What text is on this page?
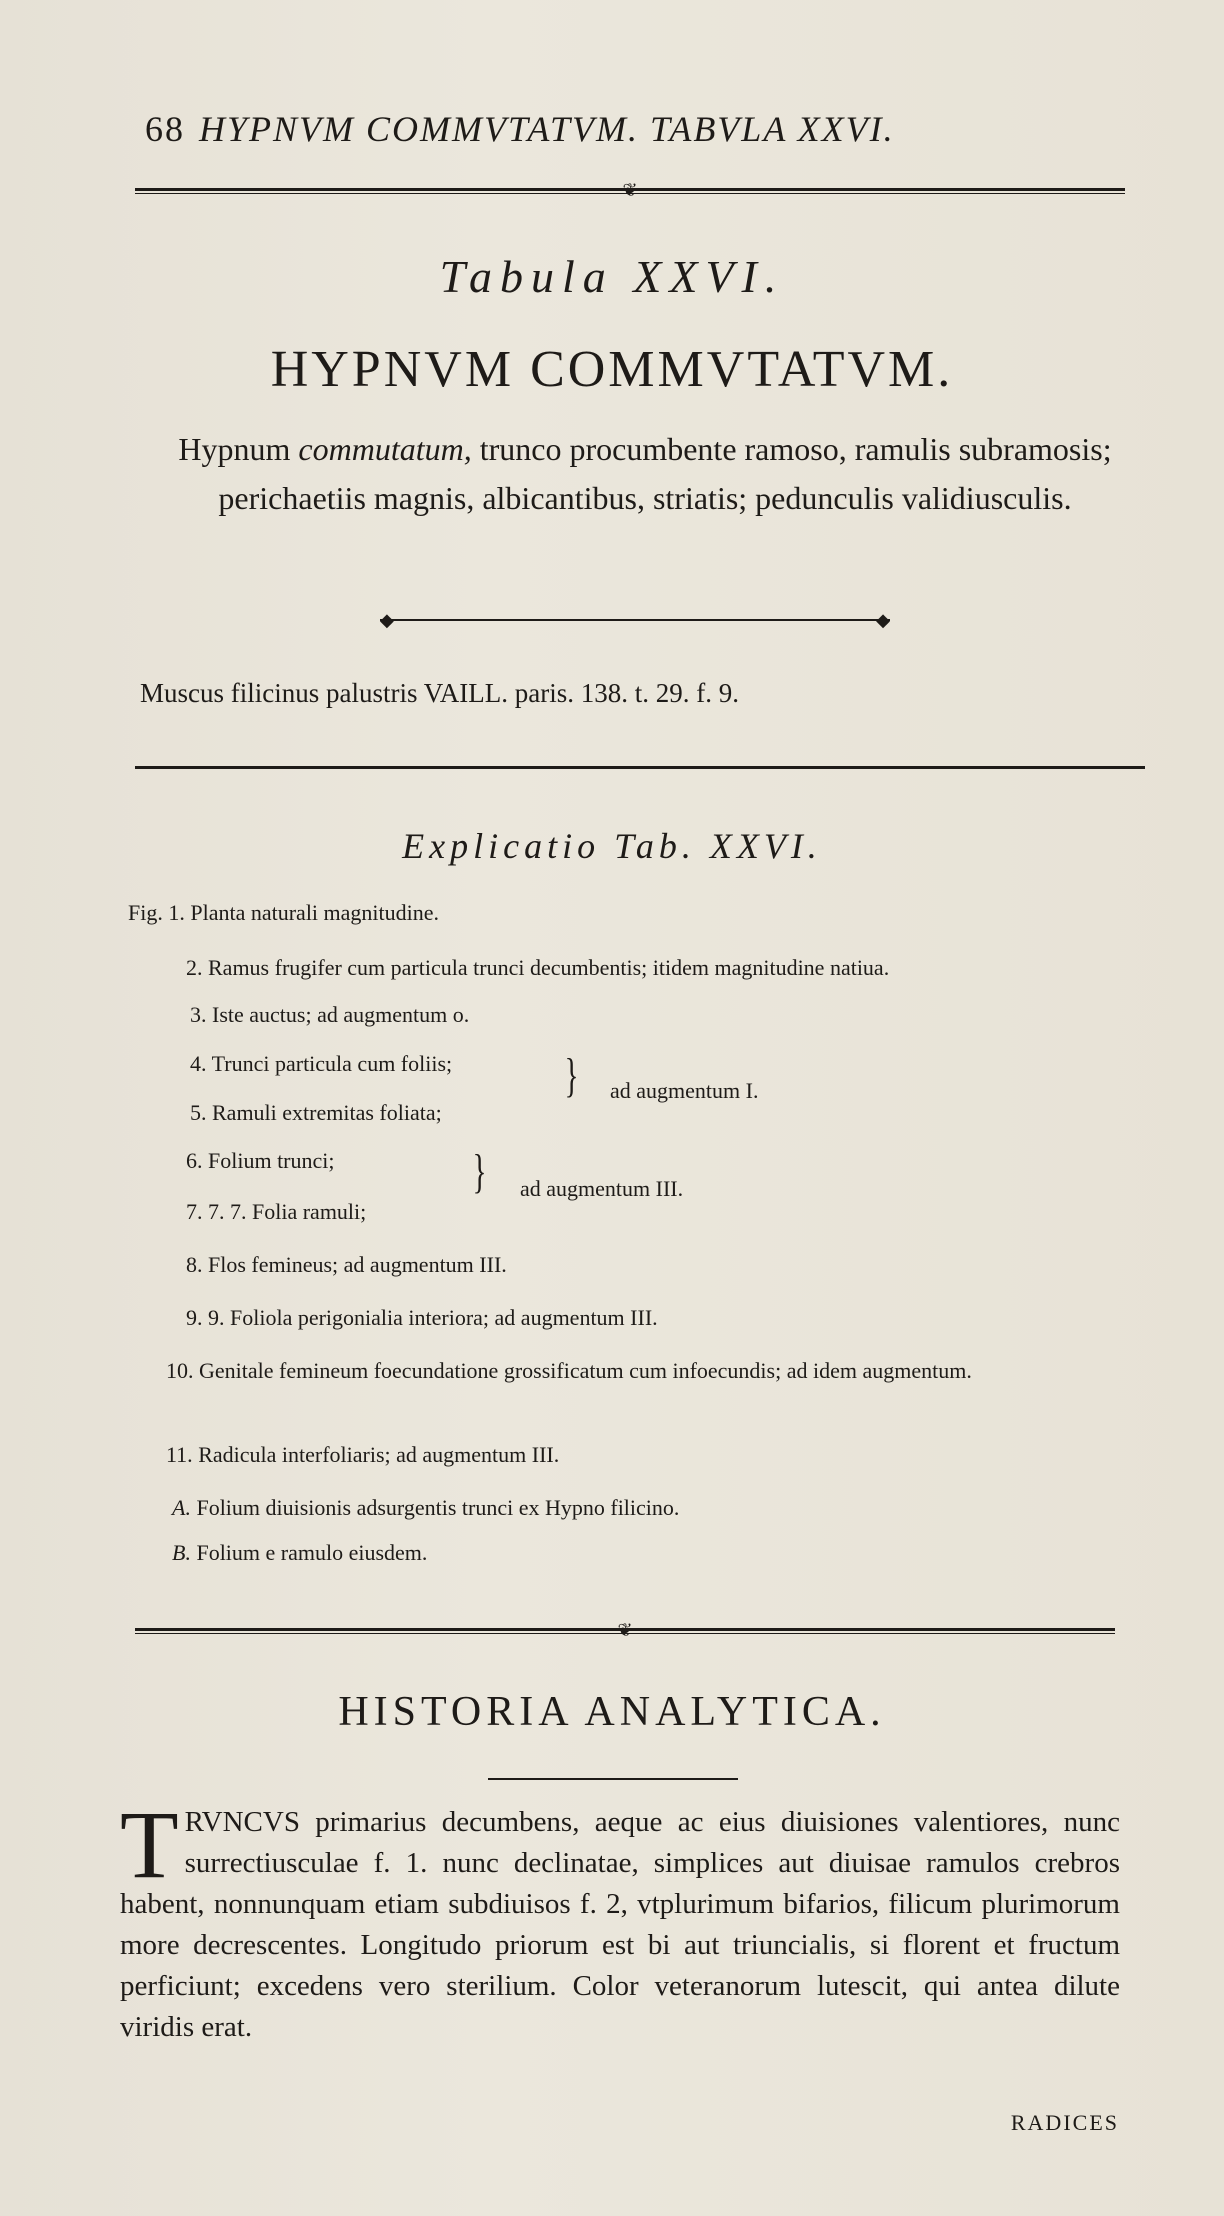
68 HYPNVM COMMVTATVM. TABVLA XXVI.
❦
Tabula XXVI.
HYPNVM COMMVTATVM.
Hypnum commutatum, trunco procumbente ramoso, ramulis subramosis; perichaetiis magnis, albicantibus, striatis; pedunculis validiusculis.
◆	◆
Muscus filicinus palustris VAILL. paris. 138. t. 29. f. 9.
Explicatio Tab. XXVI.
Fig. 1. Planta naturali magnitudine.
2. Ramus frugifer cum particula trunci decumbentis; itidem magnitudine natiua.
3. Iste auctus; ad augmentum o.
4. Trunci particula cum foliis;
5. Ramuli extremitas foliata;
} ad augmentum I.
6. Folium trunci;
7. 7. 7. Folia ramuli;
} ad augmentum III.
8. Flos femineus; ad augmentum III.
9. 9. Foliola perigonialia interiora; ad augmentum III.
10. Genitale femineum foecundatione grossificatum cum infoecundis; ad idem augmentum.
11. Radicula interfoliaris; ad augmentum III.
A. Folium diuisionis adsurgentis trunci ex Hypno filicino.
B. Folium e ramulo eiusdem.
❦
HISTORIA ANALYTICA.
TRVNCVS primarius decumbens, aeque ac eius diuisiones valentiores, nunc surrectiusculae f. 1. nunc declinatae, simplices aut diuisae ramulos crebros habent, nonnunquam etiam subdiuisos f. 2, vtplurimum bifarios, filicum plurimorum more decrescentes. Longitudo priorum est bi aut triuncialis, si florent et fructum perficiunt; excedens vero sterilium. Color veteranorum lutescit, qui antea dilute viridis erat.
RADICES
